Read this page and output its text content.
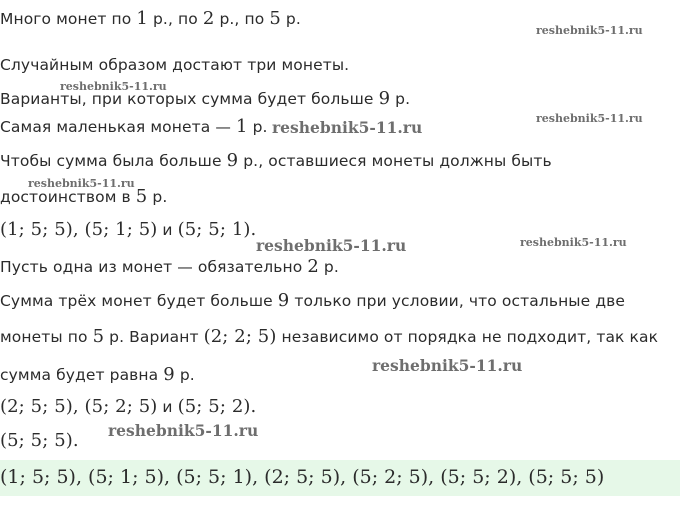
Много монет по 1 р., по 2 р., по 5 р.
Случайным образом достают три монеты.
Варианты, при которых сумма будет больше 9 р.
Самая маленькая монета — 1 р.
Чтобы сумма была больше 9 р., оставшиеся монеты должны быть
достоинством в 5 р.
(1; 5; 5), (5; 1; 5) и (5; 5; 1).
Пусть одна из монет — обязательно 2 р.
Сумма трёх монет будет больше 9 только при условии, что остальные две
монеты по 5 р. Вариант (2; 2; 5) независимо от порядка не подходит, так как
сумма будет равна 9 р.
(2; 5; 5), (5; 2; 5) и (5; 5; 2).
(5; 5; 5).
(1; 5; 5), (5; 1; 5), (5; 5; 1), (2; 5; 5), (5; 2; 5), (5; 5; 2), (5; 5; 5)
reshebnik5-11.ru
reshebnik5-11.ru
reshebnik5-11.ru	reshebnik5-11.ru
reshebnik5-11.ru
reshebnik5-11.ru	reshebnik5-11.ru
reshebnik5-11.ru
reshebnik5-11.ru
